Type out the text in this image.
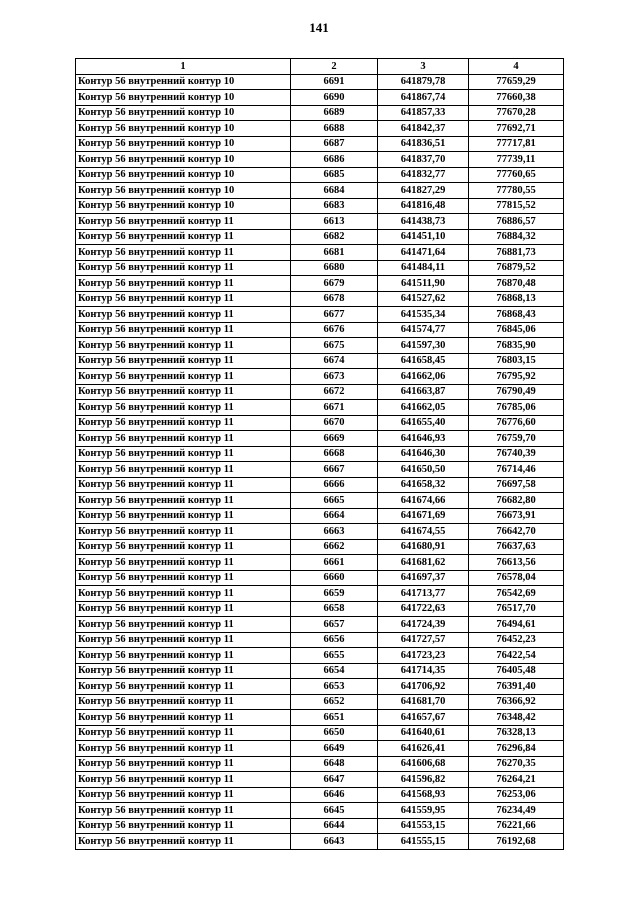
141
1	2	3	4
Контур 56 внутренний контур 10	6691	641879,78	77659,29
Контур 56 внутренний контур 10	6690	641867,74	77660,38
Контур 56 внутренний контур 10	6689	641857,33	77670,28
Контур 56 внутренний контур 10	6688	641842,37	77692,71
Контур 56 внутренний контур 10	6687	641836,51	77717,81
Контур 56 внутренний контур 10	6686	641837,70	77739,11
Контур 56 внутренний контур 10	6685	641832,77	77760,65
Контур 56 внутренний контур 10	6684	641827,29	77780,55
Контур 56 внутренний контур 10	6683	641816,48	77815,52
Контур 56 внутренний контур 11	6613	641438,73	76886,57
Контур 56 внутренний контур 11	6682	641451,10	76884,32
Контур 56 внутренний контур 11	6681	641471,64	76881,73
Контур 56 внутренний контур 11	6680	641484,11	76879,52
Контур 56 внутренний контур 11	6679	641511,90	76870,48
Контур 56 внутренний контур 11	6678	641527,62	76868,13
Контур 56 внутренний контур 11	6677	641535,34	76868,43
Контур 56 внутренний контур 11	6676	641574,77	76845,06
Контур 56 внутренний контур 11	6675	641597,30	76835,90
Контур 56 внутренний контур 11	6674	641658,45	76803,15
Контур 56 внутренний контур 11	6673	641662,06	76795,92
Контур 56 внутренний контур 11	6672	641663,87	76790,49
Контур 56 внутренний контур 11	6671	641662,05	76785,06
Контур 56 внутренний контур 11	6670	641655,40	76776,60
Контур 56 внутренний контур 11	6669	641646,93	76759,70
Контур 56 внутренний контур 11	6668	641646,30	76740,39
Контур 56 внутренний контур 11	6667	641650,50	76714,46
Контур 56 внутренний контур 11	6666	641658,32	76697,58
Контур 56 внутренний контур 11	6665	641674,66	76682,80
Контур 56 внутренний контур 11	6664	641671,69	76673,91
Контур 56 внутренний контур 11	6663	641674,55	76642,70
Контур 56 внутренний контур 11	6662	641680,91	76637,63
Контур 56 внутренний контур 11	6661	641681,62	76613,56
Контур 56 внутренний контур 11	6660	641697,37	76578,04
Контур 56 внутренний контур 11	6659	641713,77	76542,69
Контур 56 внутренний контур 11	6658	641722,63	76517,70
Контур 56 внутренний контур 11	6657	641724,39	76494,61
Контур 56 внутренний контур 11	6656	641727,57	76452,23
Контур 56 внутренний контур 11	6655	641723,23	76422,54
Контур 56 внутренний контур 11	6654	641714,35	76405,48
Контур 56 внутренний контур 11	6653	641706,92	76391,40
Контур 56 внутренний контур 11	6652	641681,70	76366,92
Контур 56 внутренний контур 11	6651	641657,67	76348,42
Контур 56 внутренний контур 11	6650	641640,61	76328,13
Контур 56 внутренний контур 11	6649	641626,41	76296,84
Контур 56 внутренний контур 11	6648	641606,68	76270,35
Контур 56 внутренний контур 11	6647	641596,82	76264,21
Контур 56 внутренний контур 11	6646	641568,93	76253,06
Контур 56 внутренний контур 11	6645	641559,95	76234,49
Контур 56 внутренний контур 11	6644	641553,15	76221,66
Контур 56 внутренний контур 11	6643	641555,15	76192,68
